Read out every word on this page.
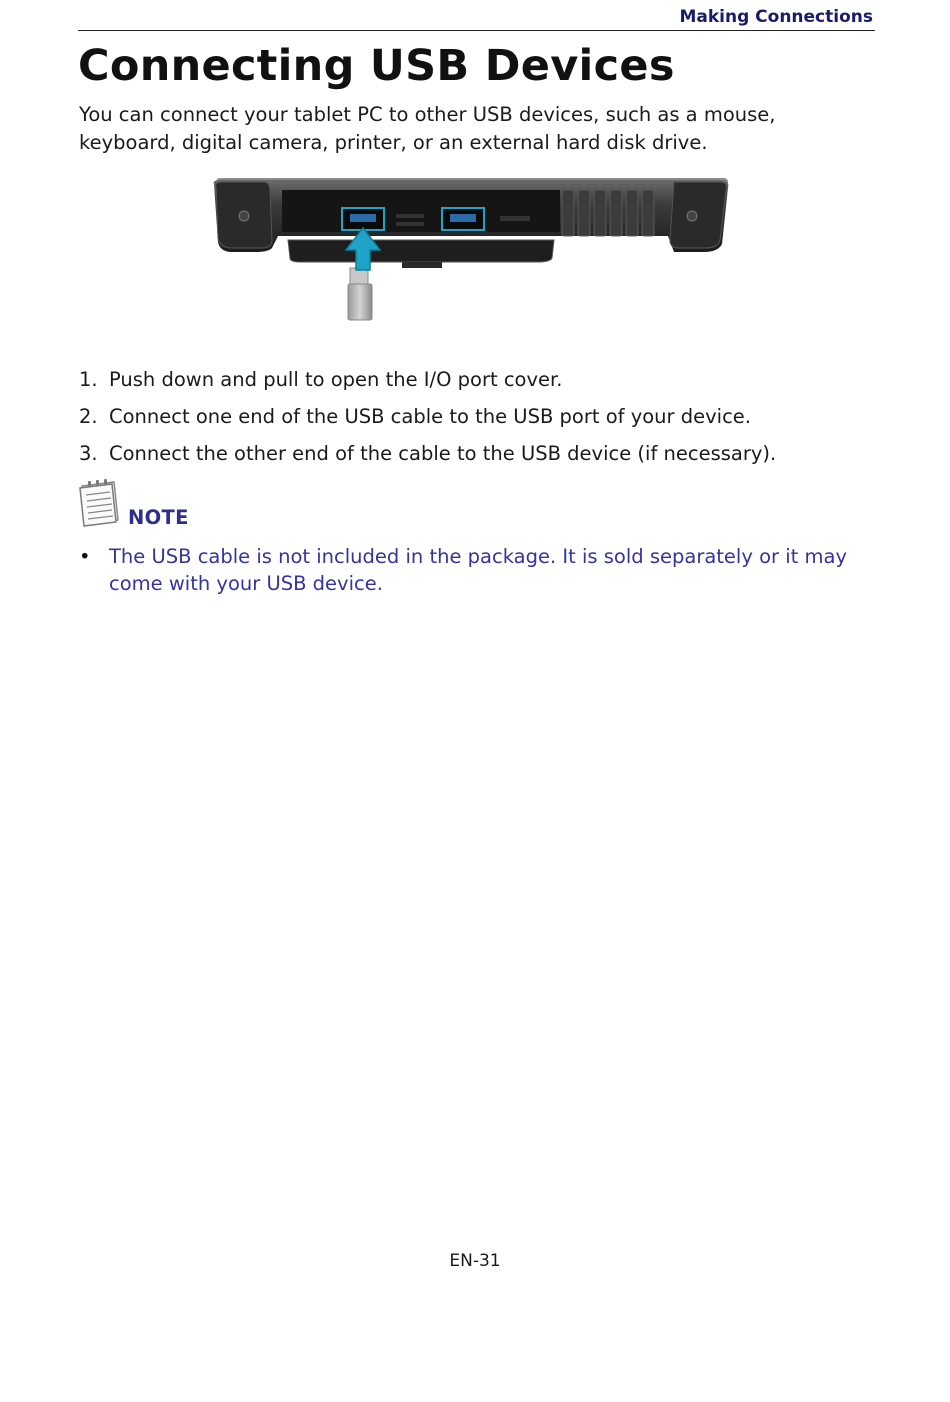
Making Connections
Connecting USB Devices

You can connect your tablet PC to other USB devices, such as a mouse, keyboard, digital camera, printer, or an external hard disk drive.

1. Push down and pull to open the I/O port cover.
2. Connect one end of the USB cable to the USB port of your device.
3. Connect the other end of the cable to the USB device (if necessary).
NOTE
• The USB cable is not included in the package. It is sold separately or it may come with your USB device.
EN-31
